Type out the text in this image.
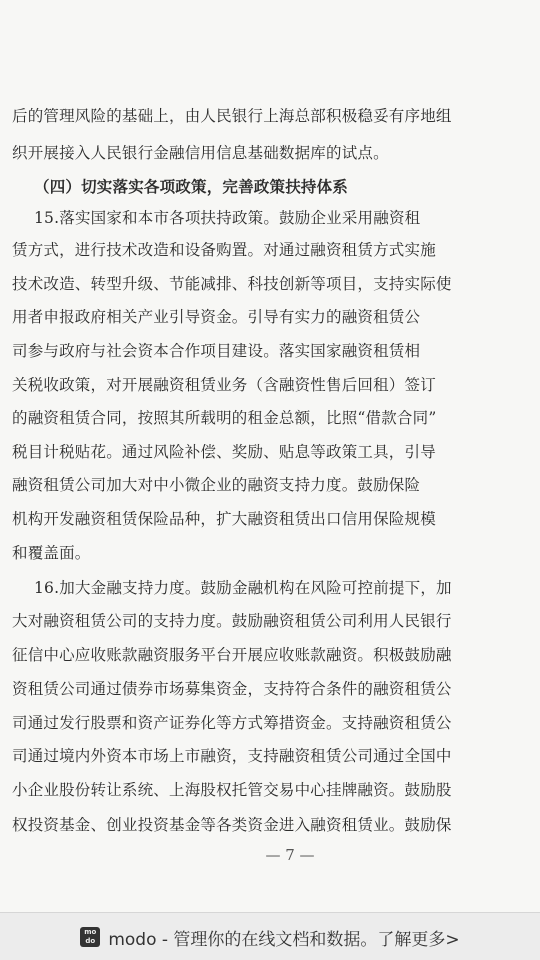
后的管理风险的基础上，由人民银行上海总部积极稳妥有序地组
织开展接入人民银行金融信用信息基础数据库的试点。
（四）切实落实各项政策，完善政策扶持体系
15.落实国家和本市各项扶持政策。鼓励企业采用融资租
赁方式，进行技术改造和设备购置。对通过融资租赁方式实施
技术改造、转型升级、节能减排、科技创新等项目，支持实际使
用者申报政府相关产业引导资金。引导有实力的融资租赁公
司参与政府与社会资本合作项目建设。落实国家融资租赁相
关税收政策，对开展融资租赁业务（含融资性售后回租）签订
的融资租赁合同，按照其所载明的租金总额，比照“借款合同”
税目计税贴花。通过风险补偿、奖励、贴息等政策工具，引导
融资租赁公司加大对中小微企业的融资支持力度。鼓励保险
机构开发融资租赁保险品种，扩大融资租赁出口信用保险规模
和覆盖面。
16.加大金融支持力度。鼓励金融机构在风险可控前提下，加
大对融资租赁公司的支持力度。鼓励融资租赁公司利用人民银行
征信中心应收账款融资服务平台开展应收账款融资。积极鼓励融
资租赁公司通过债券市场募集资金，支持符合条件的融资租赁公
司通过发行股票和资产证券化等方式筹措资金。支持融资租赁公
司通过境内外资本市场上市融资，支持融资租赁公司通过全国中
小企业股份转让系统、上海股权托管交易中心挂牌融资。鼓励股
权投资基金、创业投资基金等各类资金进入融资租赁业。鼓励保
— 7 —
mo
do modo - 管理你的在线文档和数据。了解更多>
